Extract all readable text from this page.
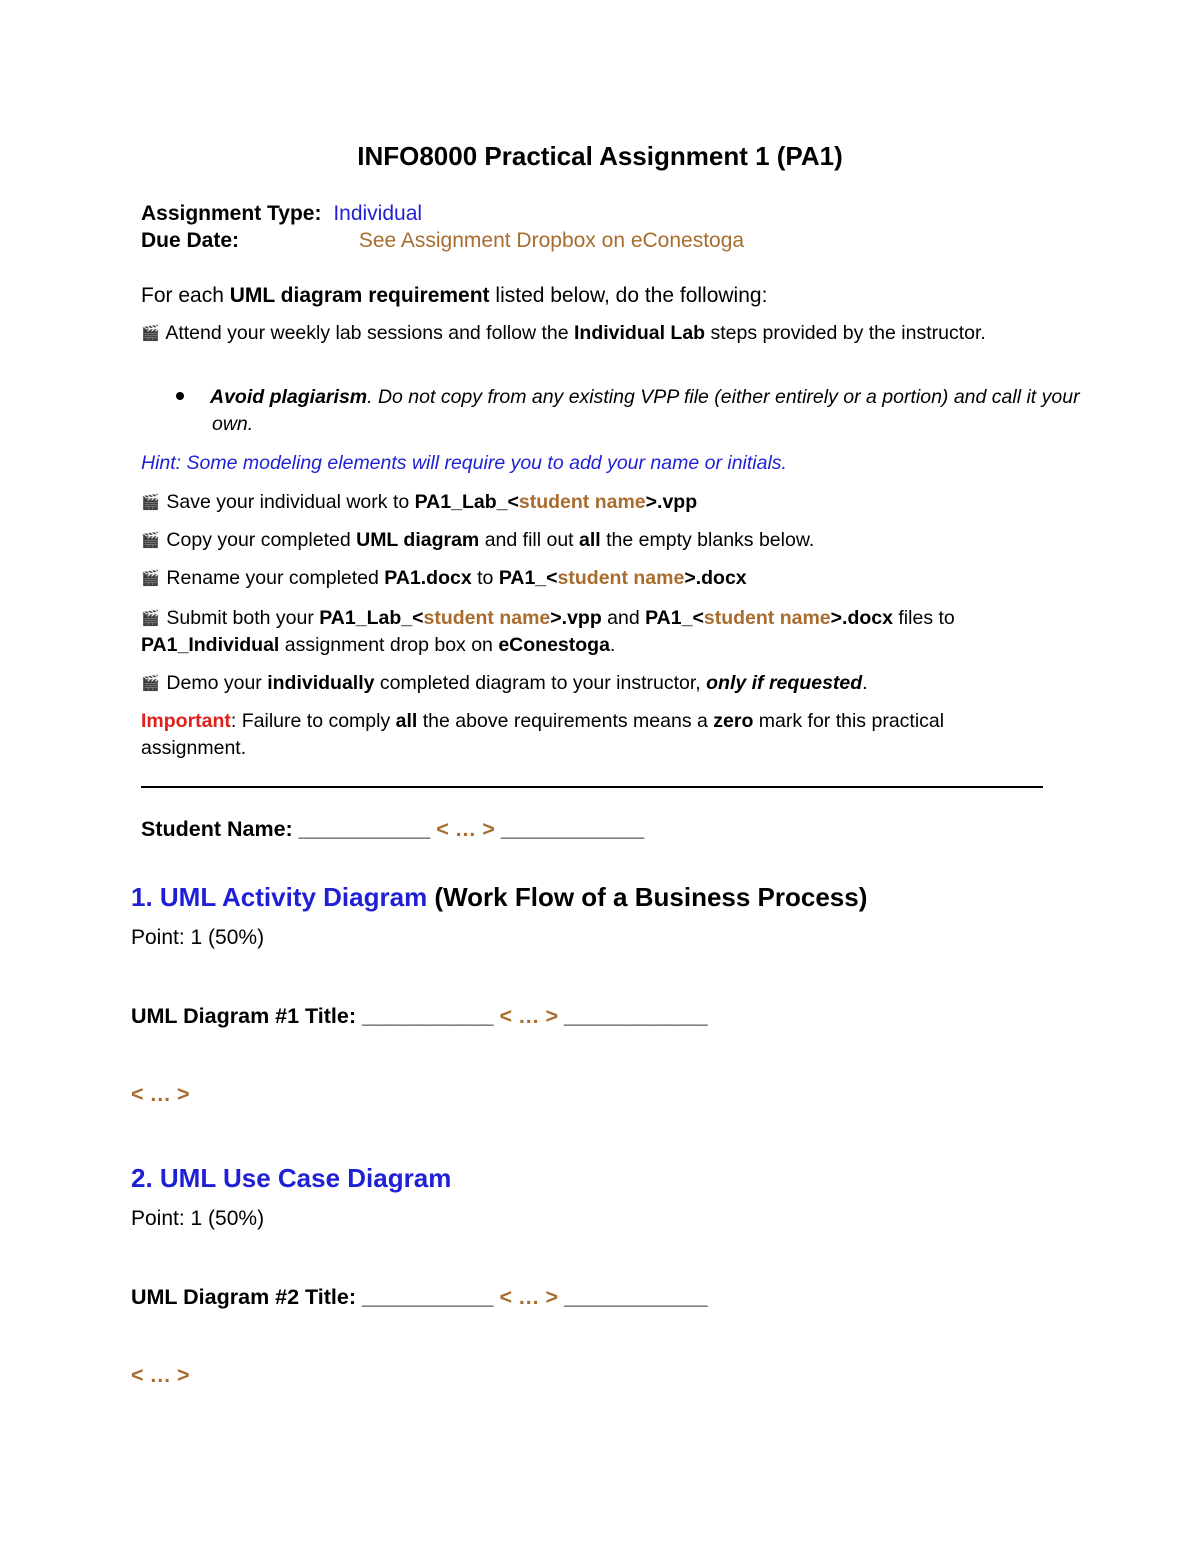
INFO8000 Practical Assignment 1 (PA1)
Assignment Type: Individual
Due Date:	See Assignment Dropbox on eConestoga
For each UML diagram requirement listed below, do the following:
🎬 Attend your weekly lab sessions and follow the Individual Lab steps provided by the instructor.
Avoid plagiarism. Do not copy from any existing VPP file (either entirely or a portion) and call it your own.
Hint: Some modeling elements will require you to add your name or initials.
🎬 Save your individual work to PA1_Lab_<student name>.vpp
🎬 Copy your completed UML diagram and fill out all the empty blanks below.
🎬 Rename your completed PA1.docx to PA1_<student name>.docx
🎬 Submit both your PA1_Lab_<student name>.vpp and PA1_<student name>.docx files to PA1_Individual assignment drop box on eConestoga.
🎬 Demo your individually completed diagram to your instructor, only if requested.
Important: Failure to comply all the above requirements means a zero mark for this practical assignment.
Student Name: ___________ < … > ____________
1. UML Activity Diagram (Work Flow of a Business Process)
Point: 1 (50%)
UML Diagram #1 Title: ___________ < … > ____________
< … >
2. UML Use Case Diagram
Point: 1 (50%)
UML Diagram #2 Title: ___________ < … > ____________
< … >
